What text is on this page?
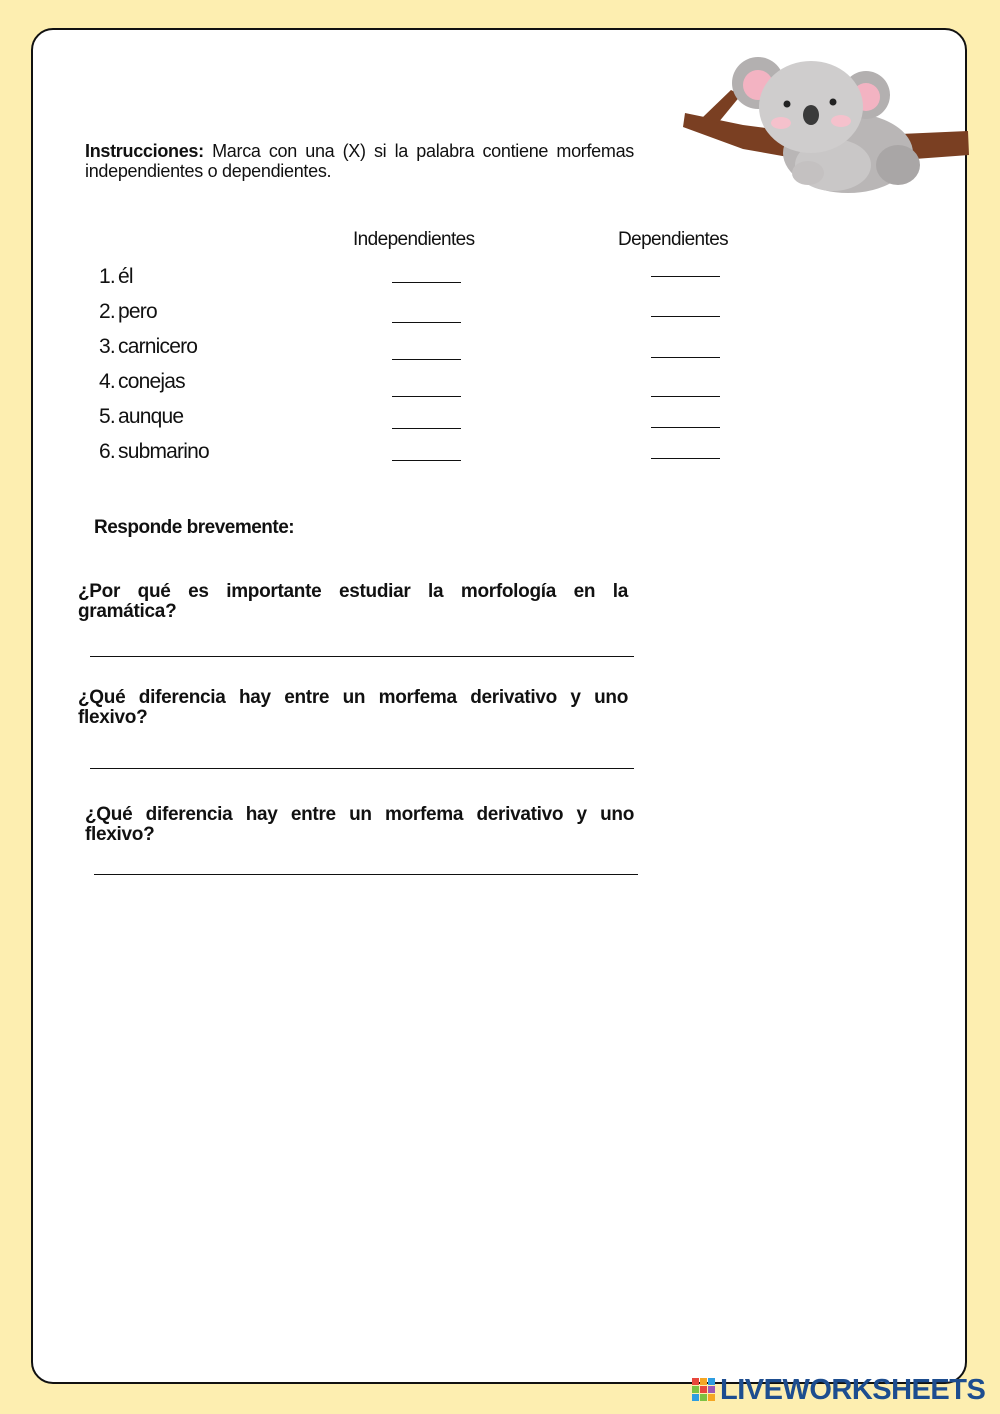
Instrucciones: Marca con una (X) si la palabra contiene morfemas independientes o dependientes.
Independientes	Dependientes
1. él
2. pero
3. carnicero
4. conejas
5. aunque
6. submarino
Responde brevemente:
¿Por qué es importante estudiar la morfología en la gramática?
¿Qué diferencia hay entre un morfema derivativo y uno flexivo?
¿Qué diferencia hay entre un morfema derivativo y uno flexivo?
LIVEWORKSHEETS
